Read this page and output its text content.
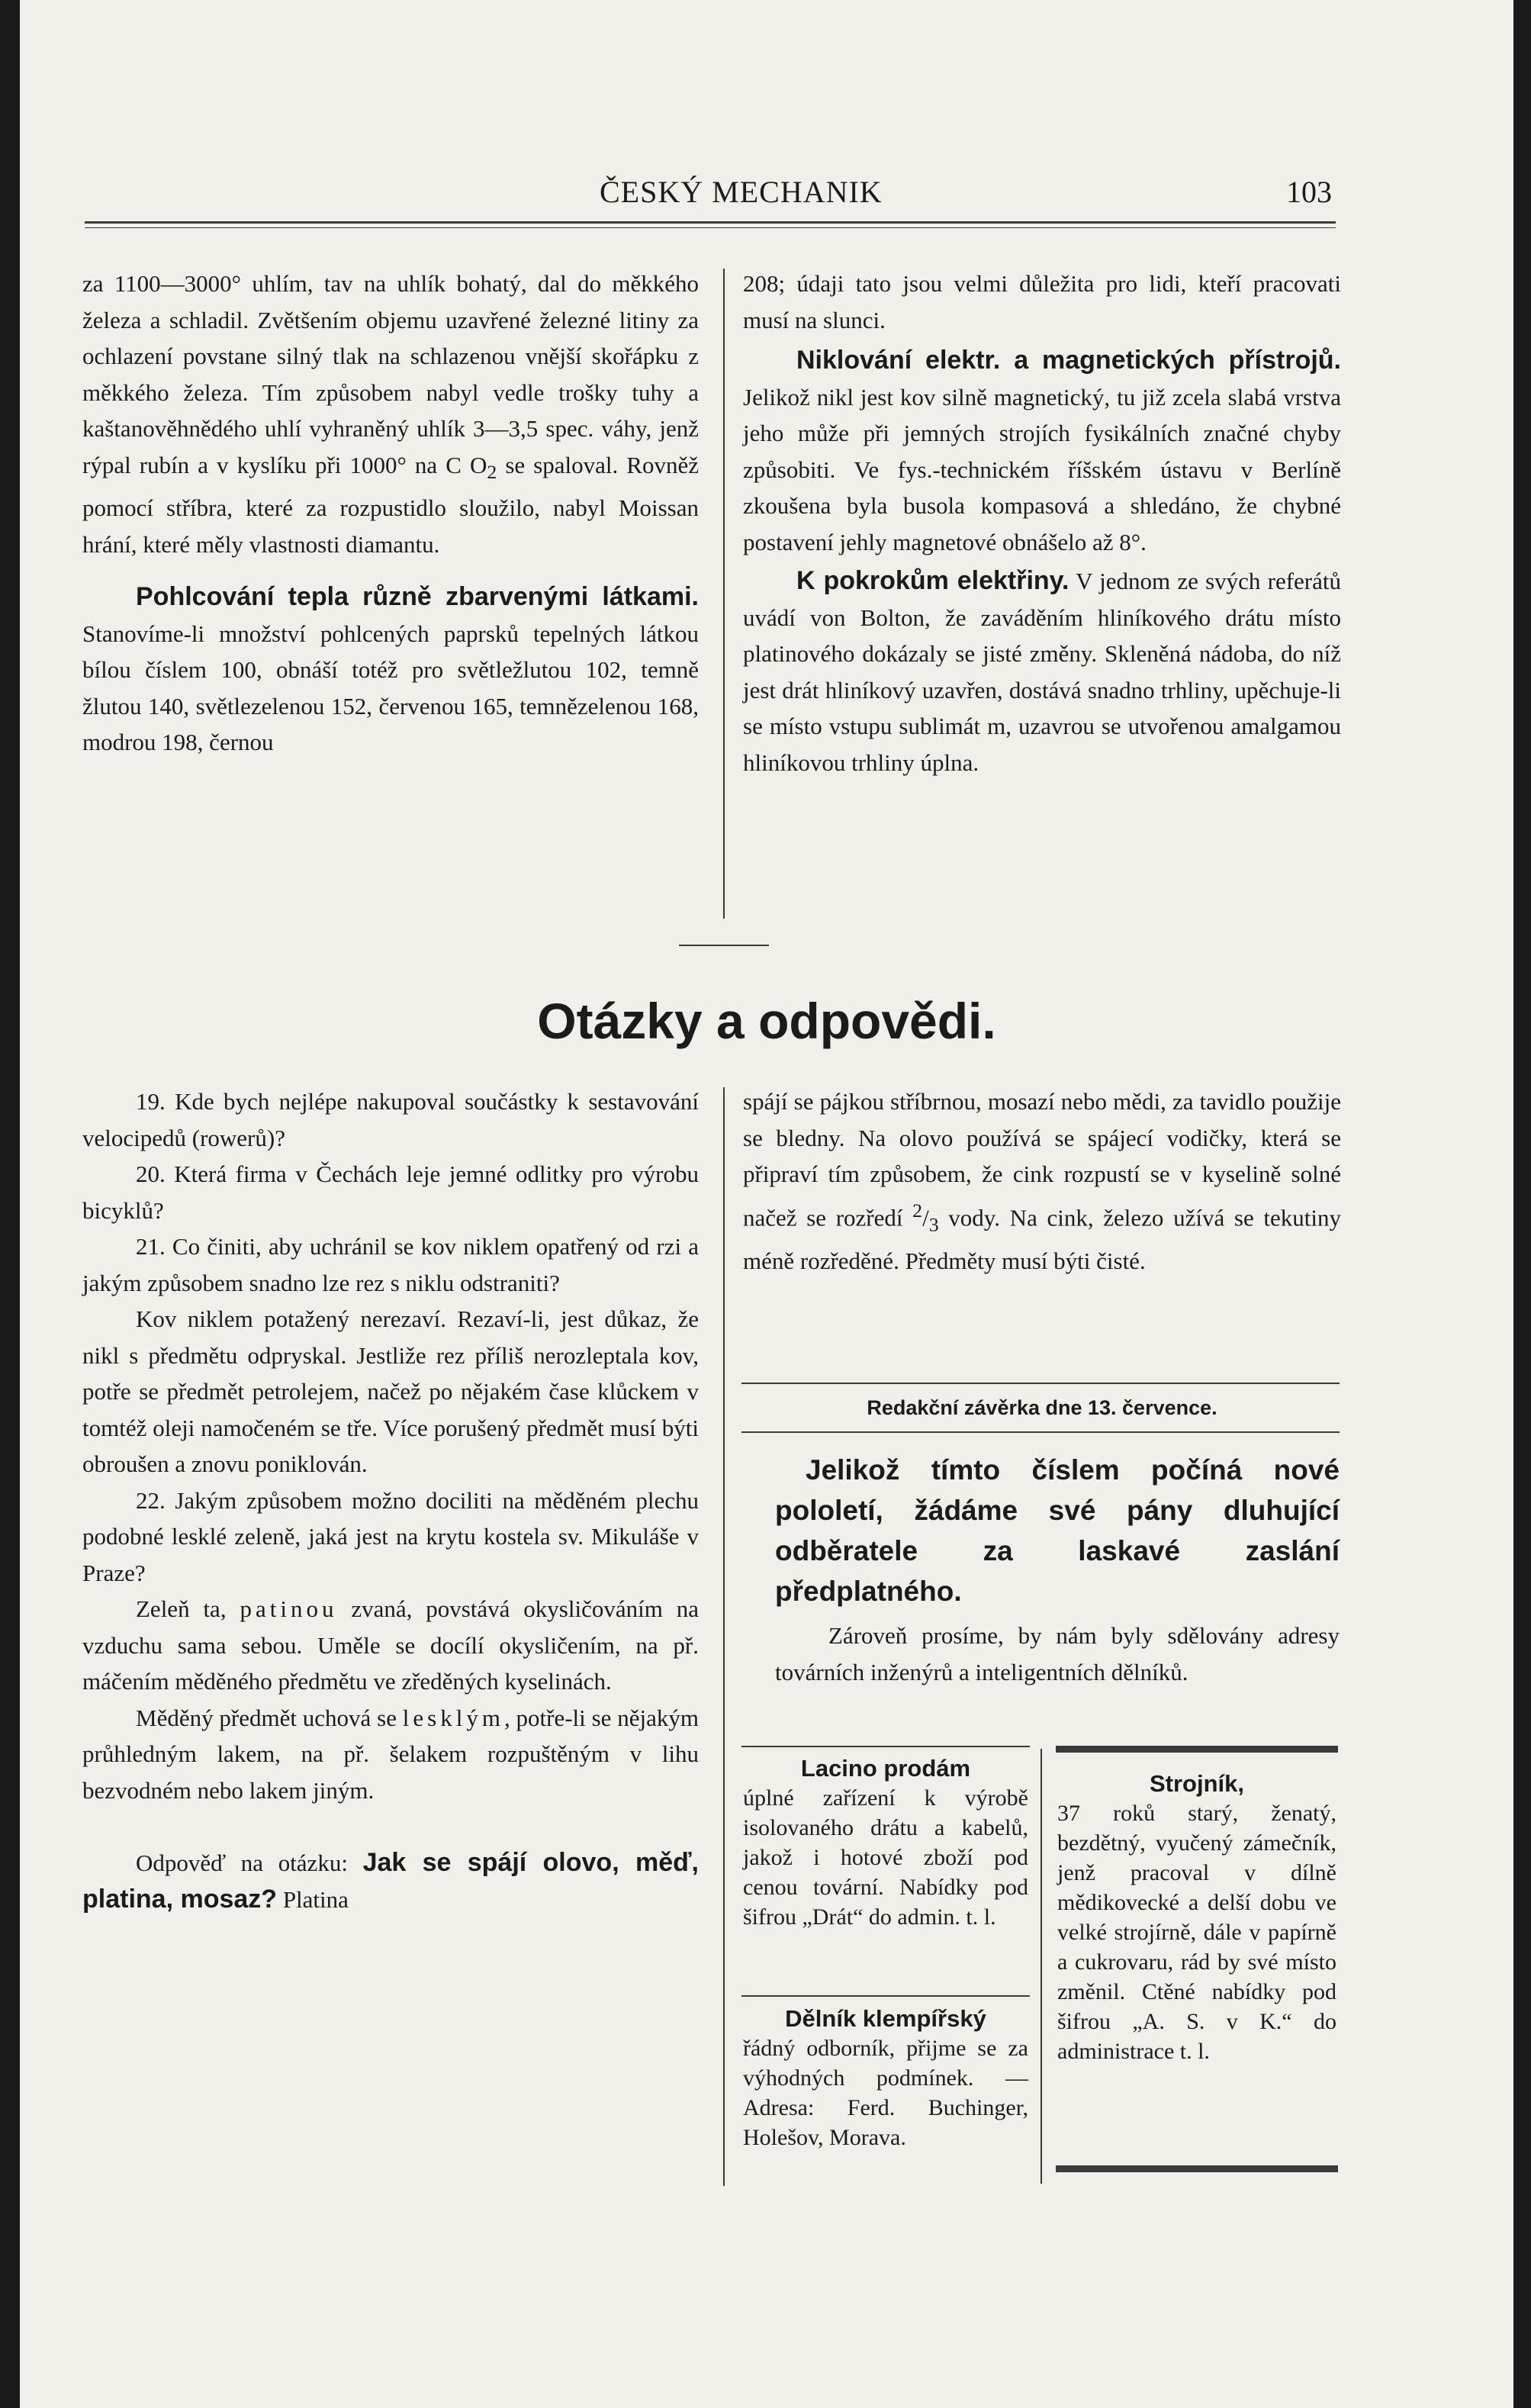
ČESKÝ MECHANIK	103

za 1100—3000° uhlím, tav na uhlík bohatý, dal do měkkého železa a schladil. Zvětšením objemu uzavřené železné litiny za ochlazení povstane silný tlak na schlazenou vnější skořápku z měkkého železa. Tím způsobem nabyl vedle trošky tuhy a kaštanověhnědého uhlí vyhraněný uhlík 3—3,5 spec. váhy, jenž rýpal rubín a v kyslíku při 1000° na C $O_2$ se spaloval. Rovněž pomocí stříbra, které za rozpustidlo sloužilo, nabyl Moissan hrání, které měly vlastnosti diamantu.

Pohlcování tepla různě zbarvenými látkami. Stanovíme-li množství pohlcených paprsků tepelných látkou bílou číslem 100, obnáší totéž pro světležlutou 102, temně žlutou 140, světlezelenou 152, červenou 165, temnězelenou 168, modrou 198, černou

208; údaji tato jsou velmi důležita pro lidi, kteří pracovati musí na slunci.

Niklování elektr. a magnetických přístrojů. Jelikož nikl jest kov silně magnetický, tu již zcela slabá vrstva jeho může při jemných strojích fysikálních značné chyby způsobiti. Ve fys.-technickém říšském ústavu v Berlíně zkoušena byla busola kompasová a shledáno, že chybné postavení jehly magnetové obnášelo až 8°.

K pokrokům elektřiny. V jednom ze svých referátů uvádí von Bolton, že zaváděním hliníkového drátu místo platinového dokázaly se jisté změny. Skleněná nádoba, do níž jest drát hliníkový uzavřen, dostává snadno trhliny, upěchuje-li se místo vstupu sublimát m, uzavrou se utvořenou amalgamou hliníkovou trhliny úplna.

Otázky a odpovědi.

19. Kde bych nejlépe nakupoval součástky k sestavování velocipedů (rowerů)?

20. Která firma v Čechách leje jemné odlitky pro výrobu bicyklů?

21. Co činiti, aby uchránil se kov niklem opatřený od rzi a jakým způsobem snadno lze rez s niklu odstraniti?

Kov niklem potažený nerezaví. Rezaví-li, jest důkaz, že nikl s předmětu odpryskal. Jestliže rez příliš nerozleptala kov, potře se předmět petrolejem, načež po nějakém čase klůckem v tomtéž oleji namočeném se tře. Více porušený předmět musí býti obroušen a znovu poniklován.

22. Jakým způsobem možno dociliti na měděném plechu podobné lesklé zeleně, jaká jest na krytu kostela sv. Mikuláše v Praze?

Zeleň ta, patinou zvaná, povstává okysličováním na vzduchu sama sebou. Uměle se docílí okysličením, na př. máčením měděného předmětu ve zředěných kyselinách.

Měděný předmět uchová se lesklým, potře-li se nějakým průhledným lakem, na př. šelakem rozpuštěným v lihu bezvodném nebo lakem jiným.

Odpověď na otázku: Jak se spájí olovo, měď, platina, mosaz? Platina

spájí se pájkou stříbrnou, mosazí nebo mědi, za tavidlo použije se bledny. Na olovo používá se spájecí vodičky, která se připraví tím způsobem, že cink rozpustí se v kyselině solné načež se rozředí $^2/_3$ vody. Na cink, železo užívá se tekutiny méně rozředěné. Předměty musí býti čisté.

Redakční závěrka dne 13. července.

Jelikož tímto číslem počíná nové pololetí, žádáme své pány dluhující odběratele za laskavé zaslání předplatného.

Zároveň prosíme, by nám byly sdělovány adresy továrních inženýrů a inteligentních dělníků.

Lacino prodám

úplné zařízení k výrobě isolovaného drátu a kabelů, jakož i hotové zboží pod cenou tovární. Nabídky pod šifrou „Drát“ do admin. t. l.

Dělník klempířský

řádný odborník, přijme se za výhodných podmínek. — Adresa: Ferd. Buchinger, Holešov, Morava.

Strojník,

37 roků starý, ženatý, bezdětný, vyučený zámečník, jenž pracoval v dílně mědikovecké a delší dobu ve velké strojírně, dále v papírně a cukrovaru, rád by své místo změnil. Ctěné nabídky pod šifrou „A. S. v K.“ do administrace t. l.
